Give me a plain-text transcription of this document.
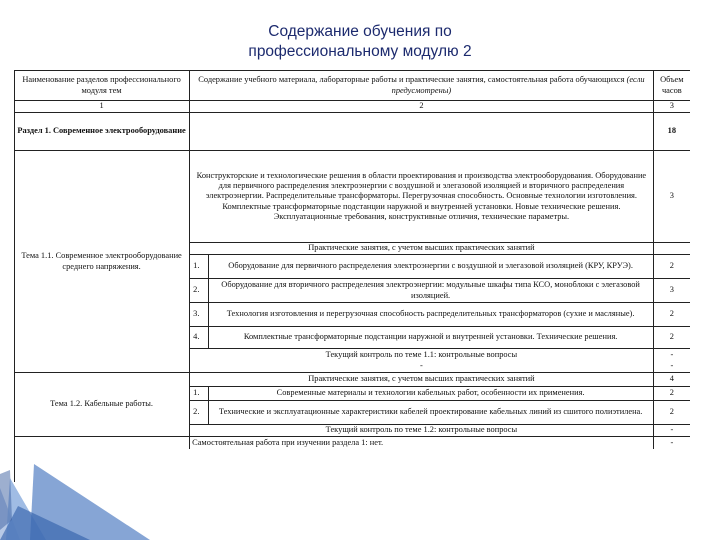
Содержание обучения по
профессиональному модулю 2
Наименование разделов профессионального модуля тем	Содержание учебного материала, лабораторные работы и практические занятия, самостоятельная работа обучающихся (если предусмотрены)		Объем часов
1	2		3
Раздел 1. Современное электрооборудование			18
Тема 1.1. Современное электрооборудование среднего напряжения.	Конструкторские и технологические решения в области проектирования и производства электрооборудования. Оборудование для первичного распределения электроэнергии с воздушной и элегазовой изоляцией и вторичного распределения электроэнергии. Распределительные трансформаторы. Перегрузочная способность. Основные технологии изготовления. Комплектные трансформаторные подстанции наружной и внутренней установки. Новые технические решения. Эксплуатационные требования, конструктивные отличия, технические параметры.		3
	Практические занятия, с учетом высших практических занятий		
	1.	Оборудование для первичного распределения электроэнергии с воздушной и элегазовой изоляцией (КРУ, КРУЭ).	2
	2.	Оборудование для вторичного распределения электроэнергии: модульные шкафы типа КСО, моноблоки с элегазовой изоляцией.	3
	3.	Технология изготовления и перегрузочная способность распределительных трансформаторов (сухие и масляные).	2
	4.	Комплектные трансформаторные подстанции наружной и внутренней установки. Технические решения.	2
	Текущий контроль по теме 1.1: контрольные вопросы		-
	-		-
Тема 1.2. Кабельные работы.	Практические занятия, с учетом высших практических занятий		4
	1.	Современные материалы и технологии кабельных работ, особенности их применения.	2
	2.	Технические и эксплуатационные характеристики кабелей проектирование кабельных линий из сшитого полиэтилена.	2
	Текущий контроль по теме 1.2: контрольные вопросы		-
	Самостоятельная работа при изучении раздела 1: нет.		-
